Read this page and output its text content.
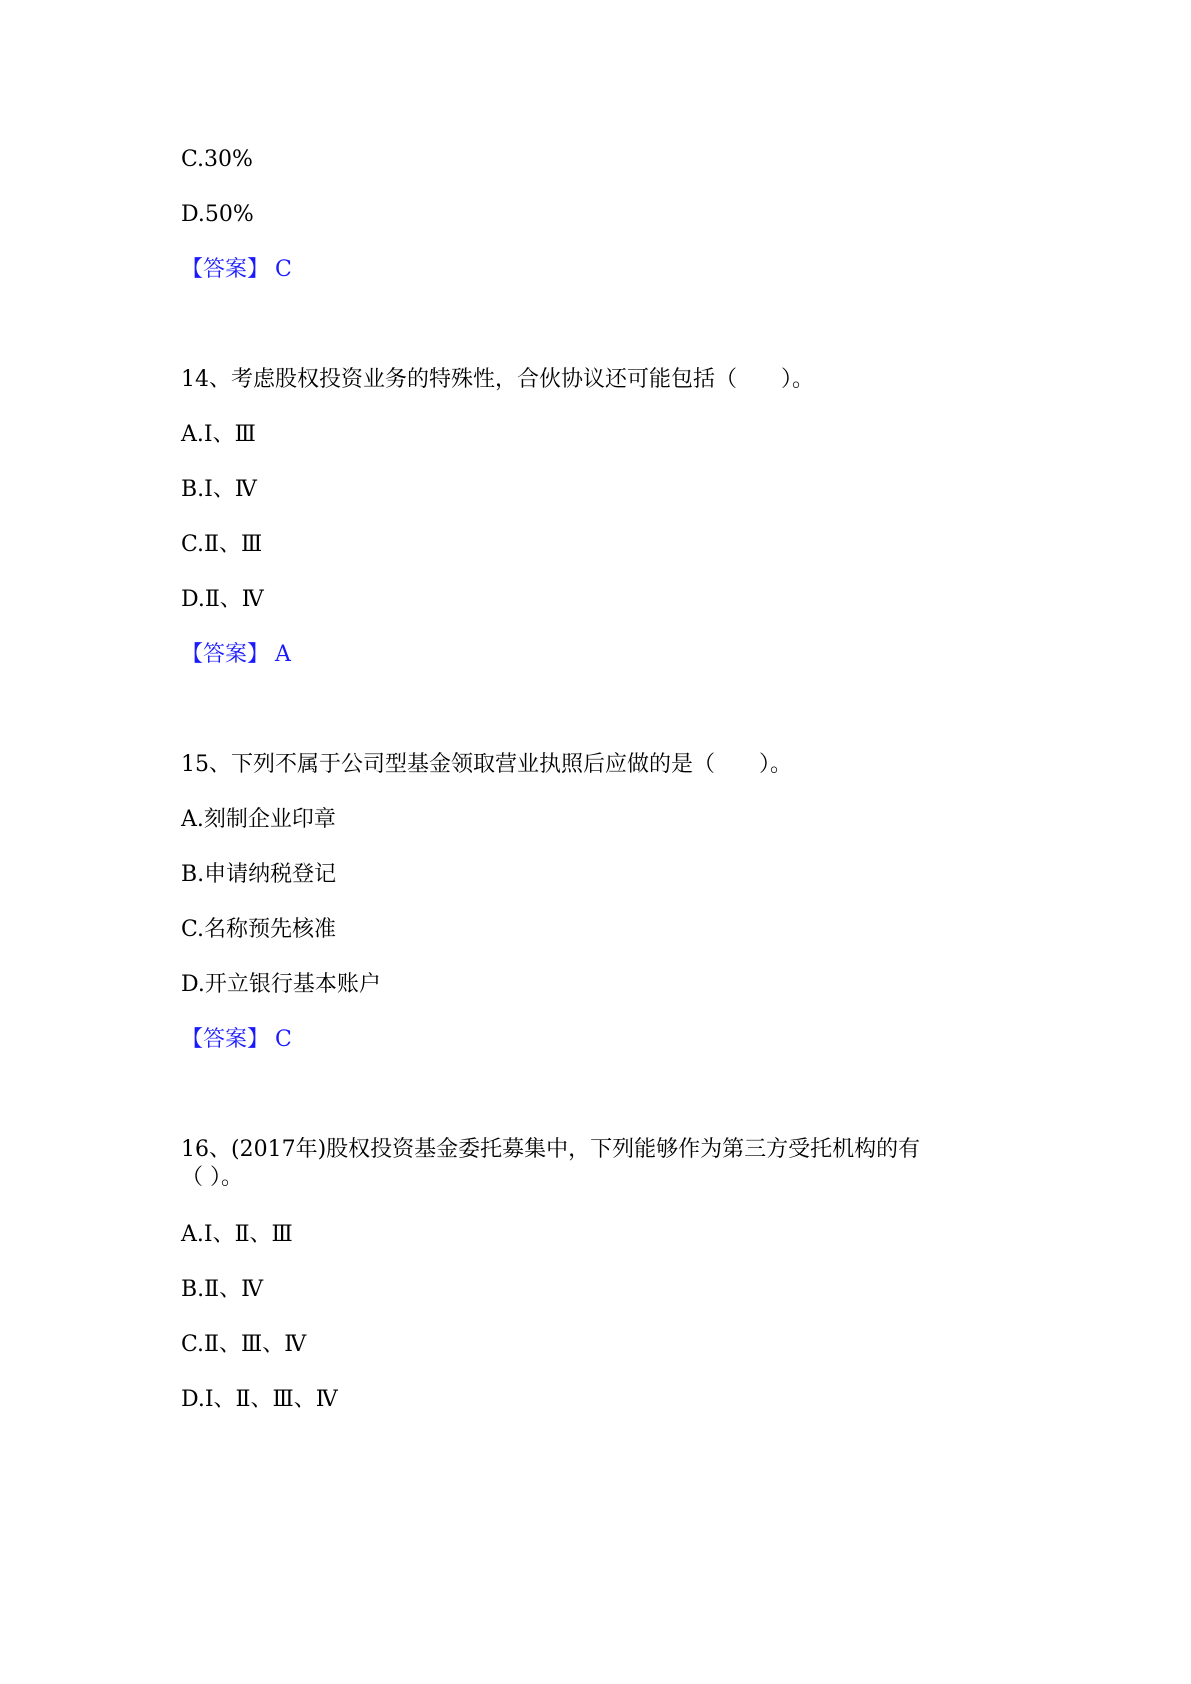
C.30%
D.50%
【答案】 C
14、考虑股权投资业务的特殊性，合伙协议还可能包括（　　）。
A.Ⅰ、Ⅲ
B.Ⅰ、Ⅳ
C.Ⅱ、Ⅲ
D.Ⅱ、Ⅳ
【答案】 A
15、下列不属于公司型基金领取营业执照后应做的是（　　）。
A.刻制企业印章
B.申请纳税登记
C.名称预先核准
D.开立银行基本账户
【答案】 C
16、(2017年)股权投资基金委托募集中，下列能够作为第三方受托机构的有
（ ）。
A.Ⅰ、Ⅱ、Ⅲ
B.Ⅱ、Ⅳ
C.Ⅱ、Ⅲ、Ⅳ
D.Ⅰ、Ⅱ、Ⅲ、Ⅳ
